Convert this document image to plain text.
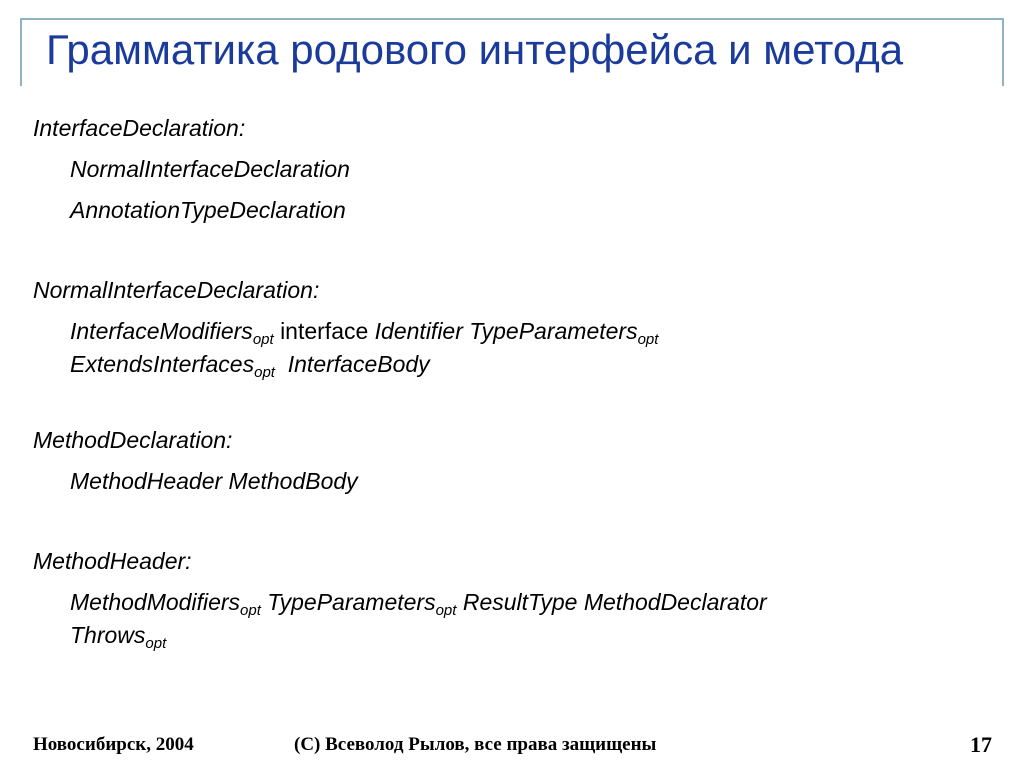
Грамматика родового интерфейса и метода

InterfaceDeclaration:

NormalInterfaceDeclaration

AnnotationTypeDeclaration

NormalInterfaceDeclaration:

InterfaceModifiers$_{opt}$ interface Identifier TypeParameters$_{opt}$
ExtendsInterfaces$_{opt}$ InterfaceBody

MethodDeclaration:

MethodHeader MethodBody

MethodHeader:

MethodModifiers$_{opt}$ TypeParameters$_{opt}$ ResultType MethodDeclarator
Throws$_{opt}$

Новосибирск, 2004	(C) Всеволод Рылов, все права защищены	17
